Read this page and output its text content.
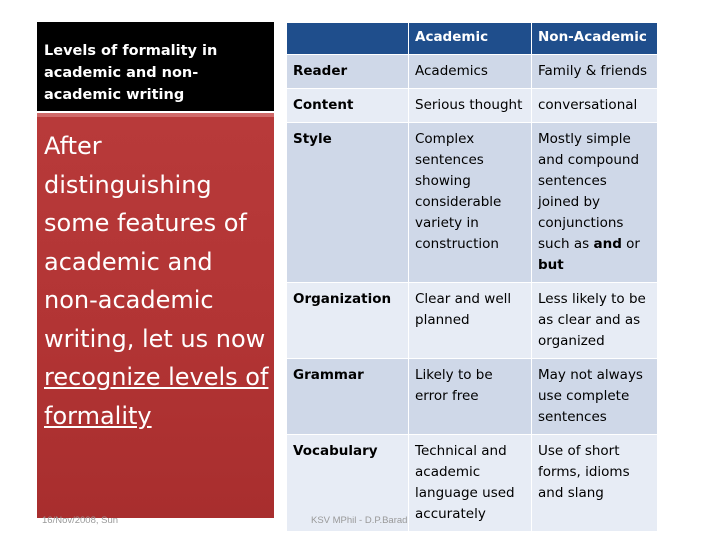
Levels of formality in academic and non-academic writing
After distinguishing some features of academic and non-academic writing, let us now recognize levels of formality
	Academic	Non-Academic
Reader	Academics	Family & friends
Content	Serious thought	conversational
Style	Complex sentences showing considerable variety in construction	Mostly simple and compound sentences joined by conjunctions such as and or but
Organization	Clear and well planned	Less likely to be as clear and as organized
Grammar	Likely to be error free	May not always use complete sentences
Vocabulary	Technical and academic language used accurately	Use of short forms, idioms and slang
16/Nov/2008, Sun	KSV MPhil - D.P.Barad
